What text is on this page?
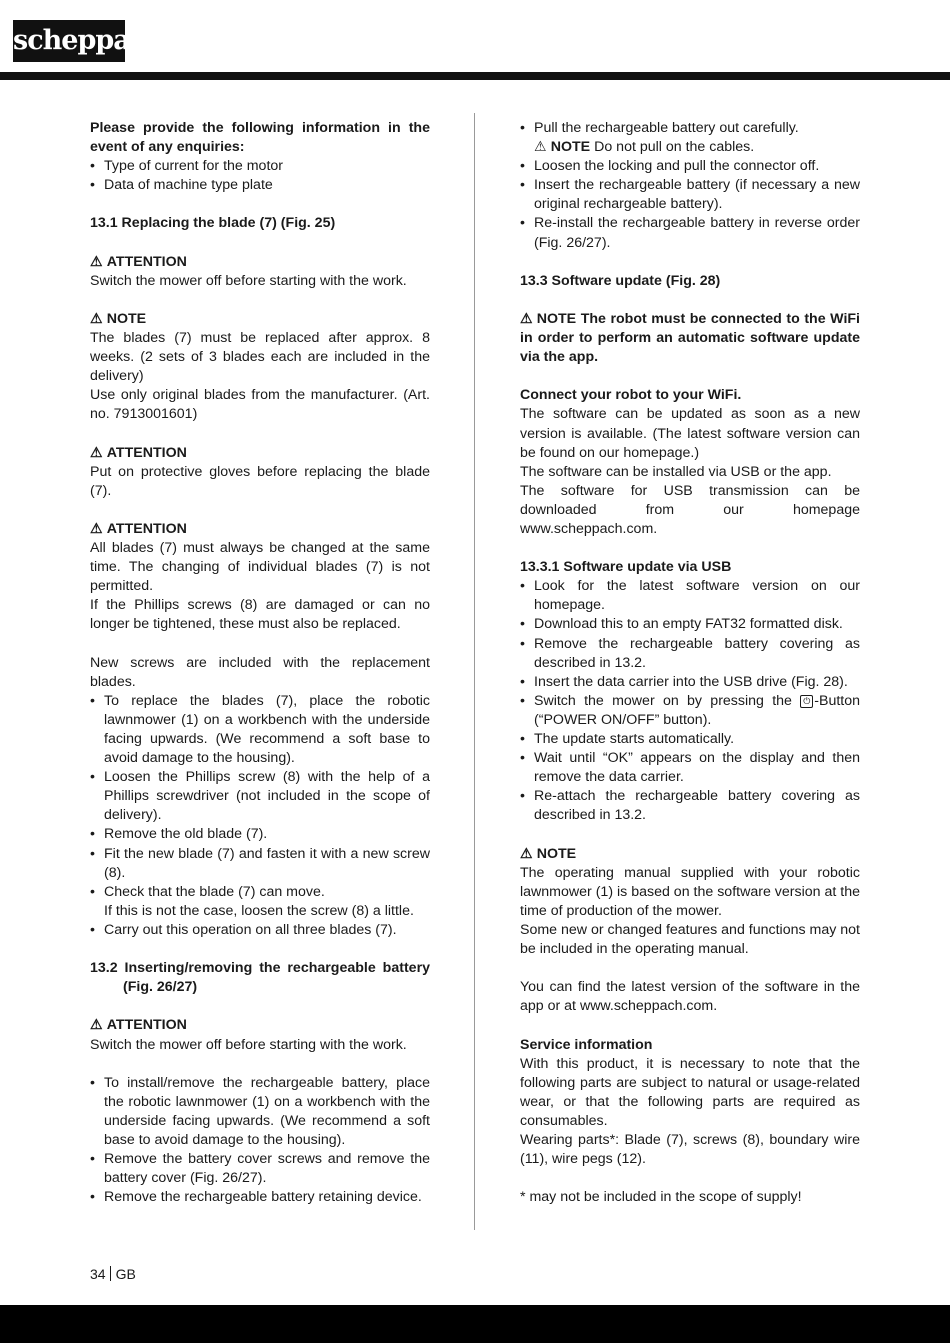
scheppach

Please provide the following information in the event of any enquiries:

• Type of current for the motor
• Data of machine type plate

13.1 Replacing the blade (7) (Fig. 25)

⚠ ATTENTION

Switch the mower off before starting with the work.

⚠ NOTE

The blades (7) must be replaced after approx. 8 weeks. (2 sets of 3 blades each are included in the delivery)

Use only original blades from the manufacturer. (Art. no. 7913001601)

⚠ ATTENTION

Put on protective gloves before replacing the blade (7).

⚠ ATTENTION

All blades (7) must always be changed at the same time. The changing of individual blades (7) is not permitted.

If the Phillips screws (8) are damaged or can no longer be tightened, these must also be replaced.

New screws are included with the replacement blades.

• To replace the blades (7), place the robotic lawnmower (1) on a workbench with the underside facing upwards. (We recommend a soft base to avoid damage to the housing).
• Loosen the Phillips screw (8) with the help of a Phillips screwdriver (not included in the scope of delivery).
• Remove the old blade (7).
• Fit the new blade (7) and fasten it with a new screw (8).
• Check that the blade (7) can move.
If this is not the case, loosen the screw (8) a little.
• Carry out this operation on all three blades (7).

13.2 Inserting/removing the rechargeable battery (Fig. 26/27)

⚠ ATTENTION

Switch the mower off before starting with the work.

• To install/remove the rechargeable battery, place the robotic lawnmower (1) on a workbench with the underside facing upwards. (We recommend a soft base to avoid damage to the housing).
• Remove the battery cover screws and remove the battery cover (Fig. 26/27).
• Remove the rechargeable battery retaining device.
• Pull the rechargeable battery out carefully.
⚠ NOTE Do not pull on the cables.
• Loosen the locking and pull the connector off.
• Insert the rechargeable battery (if necessary a new original rechargeable battery).
• Re-install the rechargeable battery in reverse order (Fig. 26/27).

13.3 Software update (Fig. 28)

⚠ NOTE The robot must be connected to the WiFi in order to perform an automatic software update via the app.

Connect your robot to your WiFi.

The software can be updated as soon as a new version is available. (The latest software version can be found on our homepage.)

The software can be installed via USB or the app.

The software for USB transmission can be downloaded from our homepage www.scheppach.com.

13.3.1 Software update via USB

• Look for the latest software version on our homepage.
• Download this to an empty FAT32 formatted disk.
• Remove the rechargeable battery covering as described in 13.2.
• Insert the data carrier into the USB drive (Fig. 28).
• Switch the mower on by pressing the ⏻ -Button (“POWER ON/OFF” button).
• The update starts automatically.
• Wait until “OK” appears on the display and then remove the data carrier.
• Re-attach the rechargeable battery covering as described in 13.2.

⚠ NOTE

The operating manual supplied with your robotic lawnmower (1) is based on the software version at the time of production of the mower.

Some new or changed features and functions may not be included in the operating manual.

You can find the latest version of the software in the app or at www.scheppach.com.

Service information

With this product, it is necessary to note that the following parts are subject to natural or usage-related wear, or that the following parts are required as consumables.

Wearing parts*: Blade (7), screws (8), boundary wire (11), wire pegs (12).

* may not be included in the scope of supply!

34 GB
